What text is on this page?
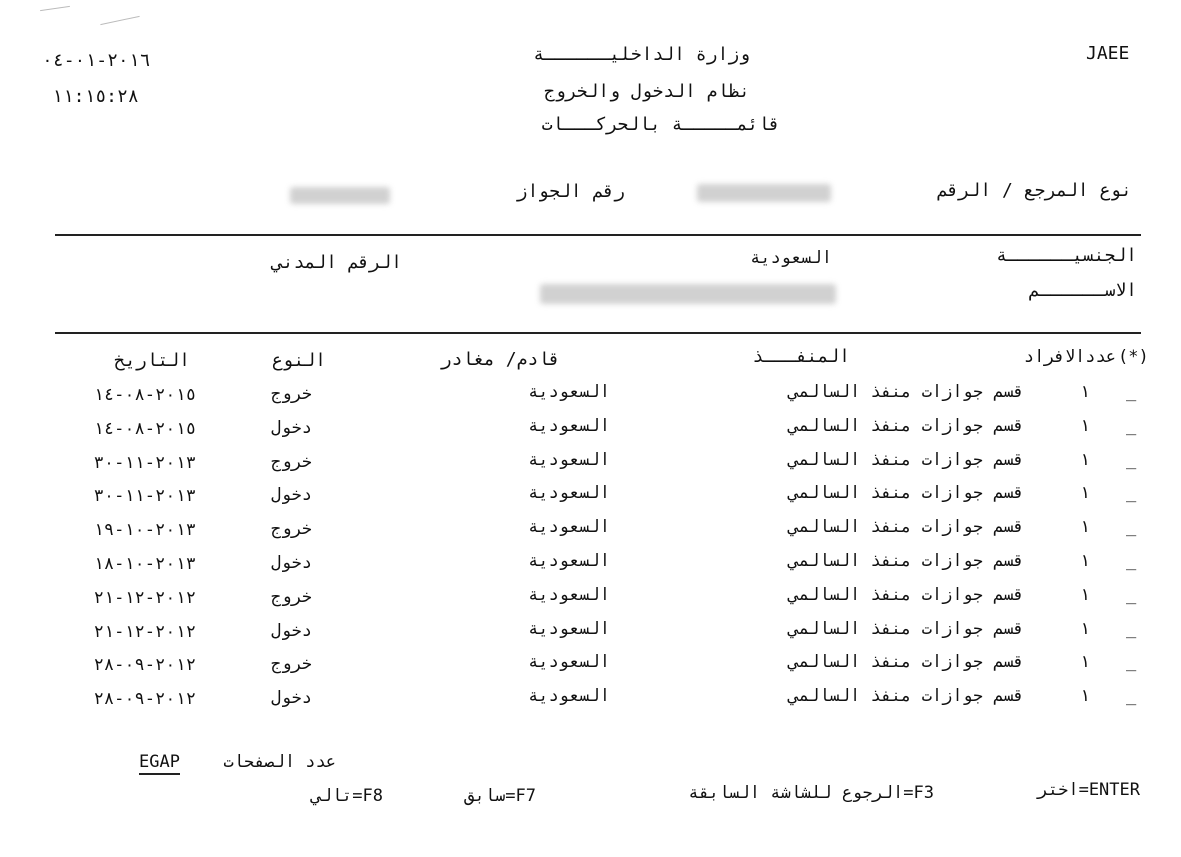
JAEE
وزارة الداخليــــــة
نظام الدخول والخروج
قائمـــــة بالحركـــات
٢٠١٦-٠١-٠٤
١١:١٥:٢٨
نوع المرجع / الرقم
رقم الجواز
الجنسيــــــة
السعودية
الرقم المدني
الاســــــم
(*)
عددالافراد
المنفـــذ
قادم/ مغادر
النوع
التاريخ
_
١
قسم جوازات منفذ السالمي
السعودية
خروج
٢٠١٥-٠٨-١٤
_
١
قسم جوازات منفذ السالمي
السعودية
دخول
٢٠١٥-٠٨-١٤
_
١
قسم جوازات منفذ السالمي
السعودية
خروج
٢٠١٣-١١-٣٠
_
١
قسم جوازات منفذ السالمي
السعودية
دخول
٢٠١٣-١١-٣٠
_
١
قسم جوازات منفذ السالمي
السعودية
خروج
٢٠١٣-١٠-١٩
_
١
قسم جوازات منفذ السالمي
السعودية
دخول
٢٠١٣-١٠-١٨
_
١
قسم جوازات منفذ السالمي
السعودية
خروج
٢٠١٢-١٢-٢١
_
١
قسم جوازات منفذ السالمي
السعودية
دخول
٢٠١٢-١٢-٢١
_
١
قسم جوازات منفذ السالمي
السعودية
خروج
٢٠١٢-٠٩-٢٨
_
١
قسم جوازات منفذ السالمي
السعودية
دخول
٢٠١٢-٠٩-٢٨
عدد الصفحات
EGAP
اختر=ENTER
الرجوع للشاشة السابقة=F3
سابق=F7
تالي=F8
